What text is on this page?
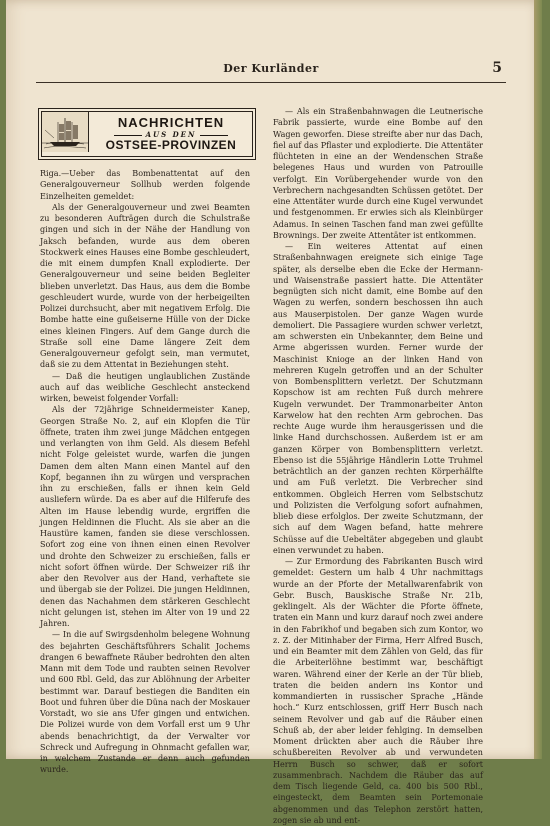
Der Kurländer	5
NACHRICHTEN
AUS DEN
OSTSEE-PROVINZEN

Riga.—Ueber das Bombenattentat auf den Generalgouverneur Sollhub werden folgende Einzelheiten gemeldet:

Als der Generalgouverneur und zwei Beamten zu besonderen Aufträgen durch die Schulstraße gingen und sich in der Nähe der Handlung von Jaksch befanden, wurde aus dem oberen Stockwerk eines Hauses eine Bombe geschleudert, die mit einem dumpfen Knall explodierte. Der Generalgouverneur und seine beiden Begleiter blieben unverletzt. Das Haus, aus dem die Bombe geschleudert wurde, wurde von der herbeigeilten Polizei durchsucht, aber mit negativem Erfolg. Die Bombe hatte eine gußeiserne Hülle von der Dicke eines kleinen Fingers. Auf dem Gange durch die Straße soll eine Dame längere Zeit dem Generalgouverneur gefolgt sein, man vermutet, daß sie zu dem Attentat in Beziehungen steht.

— Daß die heutigen unglaublichen Zustände auch auf das weibliche Geschlecht ansteckend wirken, beweist folgender Vorfall:

Als der 72jährige Schneidermeister Kanep, Georgen Straße No. 2, auf ein Klopfen die Tür öffnete, traten ihm zwei junge Mädchen entgegen und verlangten von ihm Geld. Als diesem Befehl nicht Folge geleistet wurde, warfen die jungen Damen dem alten Mann einen Mantel auf den Kopf, begannen ihn zu würgen und versprachen ihn zu erschießen, falls er ihnen kein Geld ausliefern würde. Da es aber auf die Hilferufe des Alten im Hause lebendig wurde, ergriffen die jungen Heldinnen die Flucht. Als sie aber an die Haustüre kamen, fanden sie diese verschlossen. Sofort zog eine von ihnen einen einen Revolver und drohte den Schweizer zu erschießen, falls er nicht sofort öffnen würde. Der Schweizer riß ihr aber den Revolver aus der Hand, verhaftete sie und übergab sie der Polizei. Die jungen Heldinnen, denen das Nachahmen dem stärkeren Geschlecht nicht gelungen ist, stehen im Alter von 19 und 22 Jahren.

— In die auf Swirgsdenholm belegene Wohnung des bejahrten Geschäftsführers Schalit Jochems drangen 6 bewaffnete Räuber bedrohten den alten Mann mit dem Tode und raubten seinen Revolver und 600 Rbl. Geld, das zur Ablöhnung der Arbeiter bestimmt war. Darauf bestiegen die Banditen ein Boot und fuhren über die Düna nach der Moskauer Vorstadt, wo sie ans Ufer gingen und entwichen. Die Polizei wurde von dem Vorfall erst um 9 Uhr abends benachrichtigt, da der Verwalter vor Schreck und Aufregung in Ohnmacht gefallen war, in welchem Zustande er denn auch gefunden wurde.

— Als ein Straßenbahnwagen die Leutnerische Fabrik passierte, wurde eine Bombe auf den Wagen geworfen. Diese streifte aber nur das Dach, fiel auf das Pflaster und explodierte. Die Attentäter flüchteten in eine an der Wendenschen Straße belegenes Haus und wurden von Patrouille verfolgt. Ein Vorübergehender wurde von den Verbrechern nachgesandten Schüssen getötet. Der eine Attentäter wurde durch eine Kugel verwundet und festgenommen. Er erwies sich als Kleinbürger Adamus. In seinen Taschen fand man zwei gefüllte Brownings. Der zweite Attentäter ist entkommen.

— Ein weiteres Attentat auf einen Straßenbahnwagen ereignete sich einige Tage später, als derselbe eben die Ecke der Hermann- und Waisenstraße passiert hatte. Die Attentäter begnügten sich nicht damit, eine Bombe auf den Wagen zu werfen, sondern beschossen ihn auch aus Mauserpistolen. Der ganze Wagen wurde demoliert. Die Passagiere wurden schwer verletzt, am schwersten ein Unbekannter, dem Beine und Arme abgerissen wurden. Ferner wurde der Maschinist Knioge an der linken Hand von mehreren Kugeln getroffen und an der Schulter von Bombensplittern verletzt. Der Schutzmann Kopschow ist am rechten Fuß durch mehrere Kugeln verwundet. Der Trammonarbeiter Anton Karwelow hat den rechten Arm gebrochen. Das rechte Auge wurde ihm herausgerissen und die linke Hand durchschossen. Außerdem ist er am ganzen Körper von Bombensplittern verletzt. Ebenso ist die 55jährige Händlerin Lotte Truhmel beträchtlich an der ganzen rechten Körperhälfte und am Fuß verletzt. Die Verbrecher sind entkommen. Obgleich Herren vom Selbstschutz und Polizisten die Verfolgung sofort aufnahmen, blieb diese erfolglos. Der zweite Schutzmann, der sich auf dem Wagen befand, hatte mehrere Schüsse auf die Uebeltäter abgegeben und glaubt einen verwundet zu haben.

— Zur Ermordung des Fabrikanten Busch wird gemeldet: Gestern um halb 4 Uhr nachmittags wurde an der Pforte der Metallwarenfabrik von Gebr. Busch, Bauskische Straße Nr. 21b, geklingelt. Als der Wächter die Pforte öffnete, traten ein Mann und kurz darauf noch zwei andere in den Fabrikhof und begaben sich zum Kontor, wo z. Z. der Mitinhaber der Firma, Herr Alfred Busch, und ein Beamter mit dem Zählen von Geld, das für die Arbeiterlöhne bestimmt war, beschäftigt waren. Während einer der Kerle an der Tür blieb, traten die beiden andern ins Kontor und kommandierten in russischer Sprache „Hände hoch.“ Kurz entschlossen, griff Herr Busch nach seinem Revolver und gab auf die Räuber einen Schuß ab, der aber leider fehlging. In demselben Moment drückten aber auch die Räuber ihre schußbereiten Revolver ab und verwundeten Herrn Busch so schwer, daß er sofort zusammenbrach. Nachdem die Räuber das auf dem Tisch liegende Geld, ca. 400 bis 500 Rbl., eingesteckt, dem Beamten sein Portemonaie abgenommen und das Telephon zerstört hatten, zogen sie ab und ent-
